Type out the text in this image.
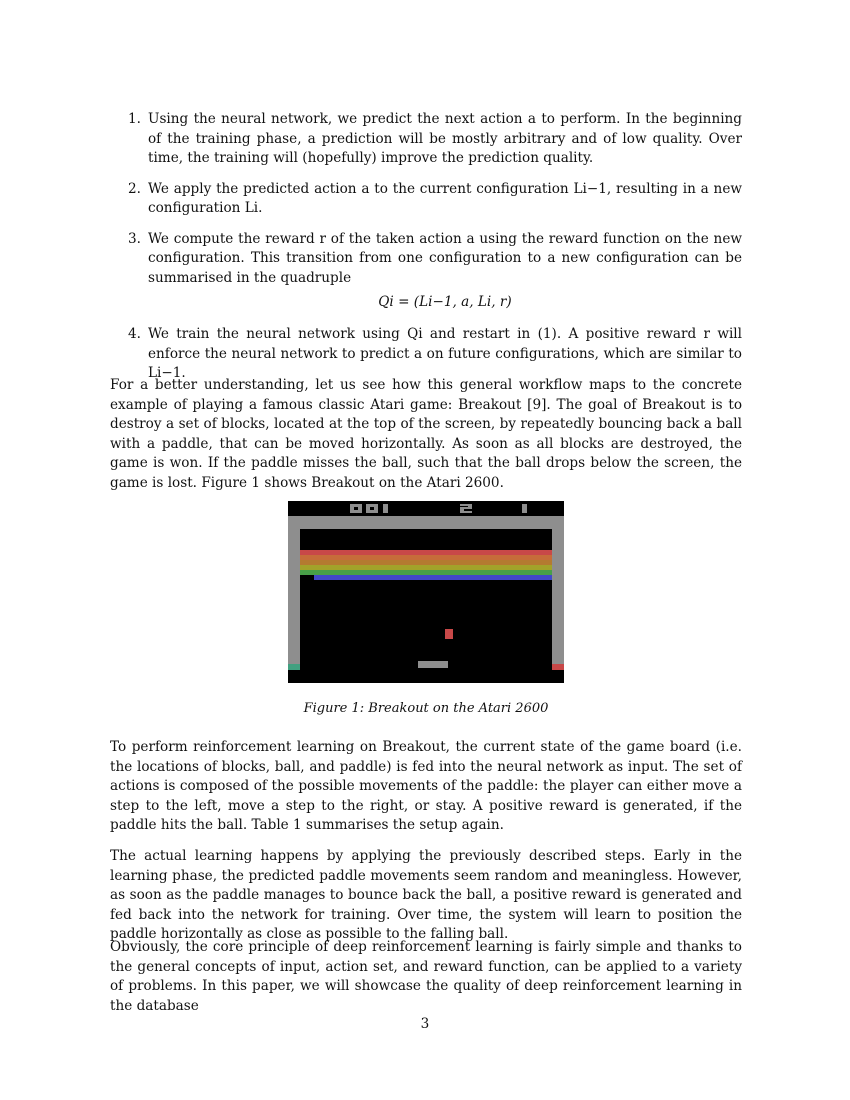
1. Using the neural network, we predict the next action a to perform. In the beginning of the training phase, a prediction will be mostly arbitrary and of low quality. Over time, the training will (hopefully) improve the prediction quality.
2. We apply the predicted action a to the current configuration Li−1, resulting in a new configuration Li.
3. We compute the reward r of the taken action a using the reward function on the new configuration. This transition from one configuration to a new configuration can be summarised in the quadruple
Qi = (Li−1, a, Li, r)
4. We train the neural network using Qi and restart in (1). A positive reward r will enforce the neural network to predict a on future configurations, which are similar to Li−1.

For a better understanding, let us see how this general workflow maps to the concrete example of playing a famous classic Atari game: Breakout [9]. The goal of Breakout is to destroy a set of blocks, located at the top of the screen, by repeatedly bouncing back a ball with a paddle, that can be moved horizontally. As soon as all blocks are destroyed, the game is won. If the paddle misses the ball, such that the ball drops below the screen, the game is lost. Figure 1 shows Breakout on the Atari 2600.

Figure 1: Breakout on the Atari 2600

To perform reinforcement learning on Breakout, the current state of the game board (i.e. the locations of blocks, ball, and paddle) is fed into the neural network as input. The set of actions is composed of the possible movements of the paddle: the player can either move a step to the left, move a step to the right, or stay. A positive reward is generated, if the paddle hits the ball. Table 1 summarises the setup again.

The actual learning happens by applying the previously described steps. Early in the learning phase, the predicted paddle movements seem random and meaningless. However, as soon as the paddle manages to bounce back the ball, a positive reward is generated and fed back into the network for training. Over time, the system will learn to position the paddle horizontally as close as possible to the falling ball.

Obviously, the core principle of deep reinforcement learning is fairly simple and thanks to the general concepts of input, action set, and reward function, can be applied to a variety of problems. In this paper, we will showcase the quality of deep reinforcement learning in the database

3
